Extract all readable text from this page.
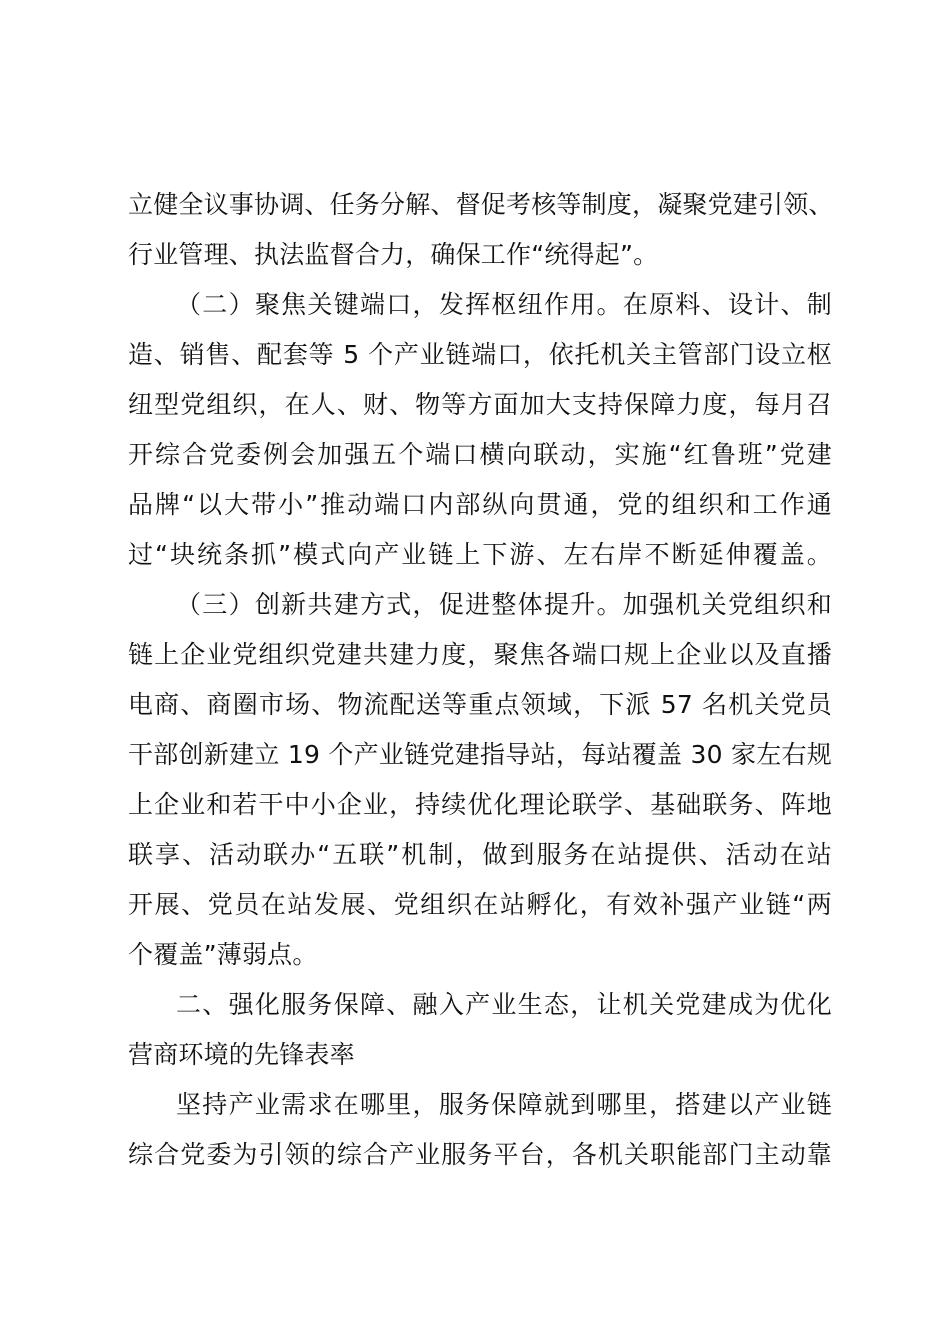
立健全议事协调、任务分解、督促考核等制度，凝聚党建引领、
行业管理、执法监督合力，确保工作“统得起”。
（二）聚焦关键端口，发挥枢纽作用。在原料、设计、制
造、销售、配套等 5 个产业链端口，依托机关主管部门设立枢
纽型党组织，在人、财、物等方面加大支持保障力度，每月召
开综合党委例会加强五个端口横向联动，实施“红鲁班”党建
品牌“以大带小”推动端口内部纵向贯通，党的组织和工作通
过“块统条抓”模式向产业链上下游、左右岸不断延伸覆盖。
（三）创新共建方式，促进整体提升。加强机关党组织和
链上企业党组织党建共建力度，聚焦各端口规上企业以及直播
电商、商圈市场、物流配送等重点领域，下派 57 名机关党员
干部创新建立 19 个产业链党建指导站，每站覆盖 30 家左右规
上企业和若干中小企业，持续优化理论联学、基础联务、阵地
联享、活动联办“五联”机制，做到服务在站提供、活动在站
开展、党员在站发展、党组织在站孵化，有效补强产业链“两
个覆盖”薄弱点。
二、强化服务保障、融入产业生态，让机关党建成为优化
营商环境的先锋表率
坚持产业需求在哪里，服务保障就到哪里，搭建以产业链
综合党委为引领的综合产业服务平台，各机关职能部门主动靠
